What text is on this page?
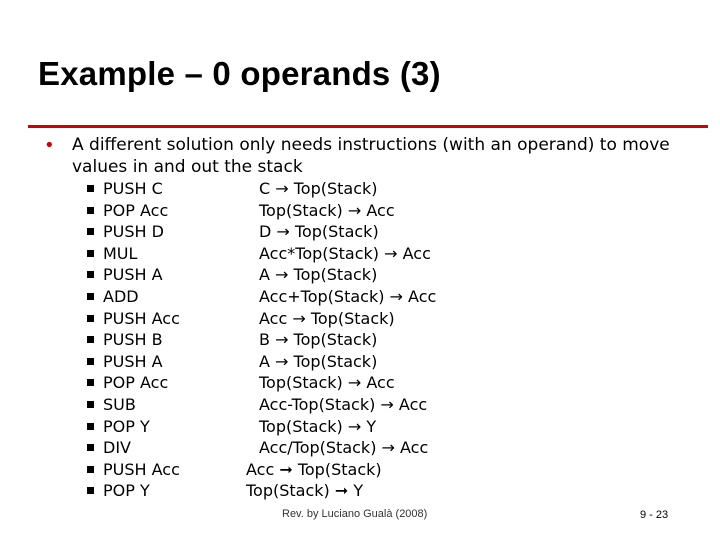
Example – 0 operands (3)
• A different solution only needs instructions (with an operand) to move values in and out the stack
PUSH C	C → Top(Stack)
POP Acc	Top(Stack) → Acc
PUSH D	D → Top(Stack)
MUL	Acc*Top(Stack) → Acc
PUSH A	A → Top(Stack)
ADD	Acc+Top(Stack) → Acc
PUSH Acc	Acc → Top(Stack)
PUSH B	B → Top(Stack)
PUSH A	A → Top(Stack)
POP Acc	Top(Stack) → Acc
SUB	Acc-Top(Stack) → Acc
POP Y	Top(Stack) → Y
DIV	Acc/Top(Stack) → Acc
PUSH Acc	Acc ➞ Top(Stack)
POP Y	Top(Stack) ➞ Y
Rev. by Luciano Gualà (2008)	9 - 23
